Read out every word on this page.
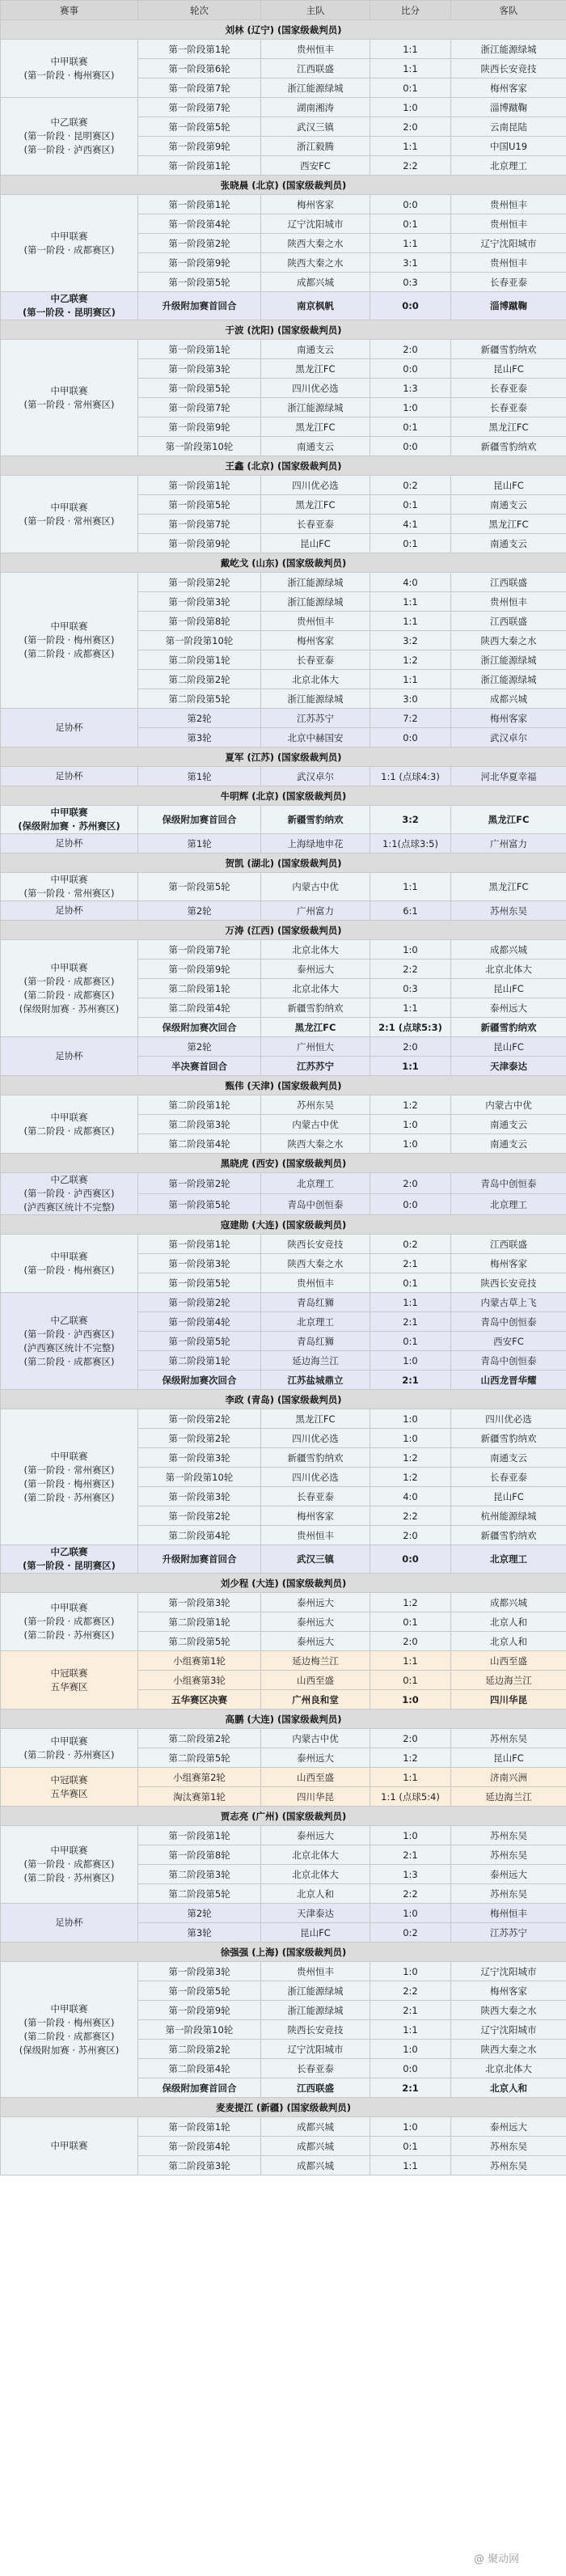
赛事	轮次	主队	比分	客队
刘林 (辽宁) (国家级裁判员)				

中甲联赛
(第一阶段 · 梅州赛区)	第一阶段第1轮	贵州恒丰	1:1	浙江能源绿城
	第一阶段第6轮	江西联盛	1:1	陕西长安竞技
	第一阶段第7轮	浙江能源绿城	0:1	梅州客家

中乙联赛
(第一阶段 · 昆明赛区)
(第一阶段 · 泸西赛区)	第一阶段第7轮	湖南湘涛	1:0	淄博蹴鞠
	第一阶段第5轮	武汉三镇	2:0	云南昆陆
	第一阶段第9轮	浙江毅腾	1:1	中国U19
	第一阶段第1轮	西安FC	2:2	北京理工
张晓晨 (北京) (国家级裁判员)				

中甲联赛
(第一阶段 · 成都赛区)	第一阶段第1轮	梅州客家	0:0	贵州恒丰
	第一阶段第4轮	辽宁沈阳城市	0:1	贵州恒丰
	第一阶段第2轮	陕西大秦之水	1:1	辽宁沈阳城市
	第一阶段第9轮	陕西大秦之水	3:1	贵州恒丰
	第一阶段第5轮	成都兴城	0:3	长春亚泰

中乙联赛
(第一阶段 · 昆明赛区)	升级附加赛首回合	南京枫帆	0:0	淄博蹴鞠
于波 (沈阳) (国家级裁判员)				

中甲联赛
(第一阶段 · 常州赛区)	第一阶段第1轮	南通支云	2:0	新疆雪豹纳欢
	第一阶段第3轮	黑龙江FC	0:0	昆山FC
	第一阶段第5轮	四川优必选	1:3	长春亚泰
	第一阶段第7轮	浙江能源绿城	1:0	长春亚泰
	第一阶段第9轮	黑龙江FC	0:1	黑龙江FC
	第一阶段第10轮	南通支云	0:0	新疆雪豹纳欢
王鑫 (北京) (国家级裁判员)				

中甲联赛
(第一阶段 · 常州赛区)	第一阶段第1轮	四川优必选	0:2	昆山FC
	第一阶段第5轮	黑龙江FC	0:1	南通支云
	第一阶段第7轮	长春亚泰	4:1	黑龙江FC
	第一阶段第9轮	昆山FC	0:1	南通支云
戴屹戈 (山东) (国家级裁判员)				

中甲联赛
(第一阶段 · 梅州赛区)
(第二阶段 · 成都赛区)	第一阶段第2轮	浙江能源绿城	4:0	江西联盛
	第一阶段第3轮	浙江能源绿城	1:1	贵州恒丰
	第一阶段第8轮	贵州恒丰	1:1	江西联盛
	第一阶段第10轮	梅州客家	3:2	陕西大秦之水
	第二阶段第1轮	长春亚泰	1:2	浙江能源绿城
	第二阶段第2轮	北京北体大	1:1	浙江能源绿城
	第二阶段第5轮	浙江能源绿城	3:0	成都兴城

足协杯	第2轮	江苏苏宁	7:2	梅州客家
	第3轮	北京中赫国安	0:0	武汉卓尔
夏军 (江苏) (国家级裁判员)				

足协杯	第1轮	武汉卓尔	1:1 (点球4:3)	河北华夏幸福
牛明辉 (北京) (国家级裁判员)				

中甲联赛
(保级附加赛 · 苏州赛区)	保级附加赛首回合	新疆雪豹纳欢	3:2	黑龙江FC

足协杯	第1轮	上海绿地申花	1:1(点球3:5)	广州富力
贺凯 (湖北) (国家级裁判员)				

中甲联赛
(第一阶段 · 常州赛区)	第一阶段第5轮	内蒙古中优	1:1	黑龙江FC

足协杯	第2轮	广州富力	6:1	苏州东吴
万涛 (江西) (国家级裁判员)				

中甲联赛
(第一阶段 · 成都赛区)
(第二阶段 · 成都赛区)
(保级附加赛 · 苏州赛区)	第一阶段第7轮	北京北体大	1:0	成都兴城
	第一阶段第9轮	泰州远大	2:2	北京北体大
	第二阶段第1轮	北京北体大	0:3	昆山FC
	第二阶段第4轮	新疆雪豹纳欢	1:1	泰州远大
	保级附加赛次回合	黑龙江FC	2:1 (点球5:3)	新疆雪豹纳欢

足协杯	第2轮	广州恒大	2:0	昆山FC
	半决赛首回合	江苏苏宁	1:1	天津泰达
甄伟 (天津) (国家级裁判员)				

中甲联赛
(第二阶段 · 成都赛区)	第二阶段第1轮	苏州东吴	1:2	内蒙古中优
	第二阶段第3轮	内蒙古中优	1:0	南通支云
	第二阶段第4轮	陕西大秦之水	1:0	南通支云
黑晓虎 (西安) (国家级裁判员)				

中乙联赛
(第一阶段 · 泸西赛区)
(泸西赛区统计不完整)	第一阶段第2轮	北京理工	2:0	青岛中创恒泰
	第一阶段第5轮	青岛中创恒泰	0:0	北京理工
寇建勋 (大连) (国家级裁判员)				

中甲联赛
(第一阶段 · 梅州赛区)	第一阶段第1轮	陕西长安竞技	0:2	江西联盛
	第一阶段第3轮	陕西大秦之水	2:1	梅州客家
	第一阶段第5轮	贵州恒丰	0:1	陕西长安竞技

中乙联赛
(第一阶段 · 泸西赛区)
(泸西赛区统计不完整)
(第二阶段 · 成都赛区)	第一阶段第2轮	青岛红狮	1:1	内蒙古草上飞
	第一阶段第4轮	北京理工	2:1	青岛中创恒泰
	第一阶段第5轮	青岛红狮	0:1	西安FC
	第二阶段第1轮	延边海兰江	1:0	青岛中创恒泰
	保级附加赛次回合	江苏盐城鼎立	2:1	山西龙晋华耀
李政 (青岛) (国家级裁判员)				

中甲联赛
(第一阶段 · 常州赛区)
(第一阶段 · 梅州赛区)
(第二阶段 · 苏州赛区)	第一阶段第2轮	黑龙江FC	1:0	四川优必选
	第一阶段第2轮	四川优必选	1:0	新疆雪豹纳欢
	第一阶段第3轮	新疆雪豹纳欢	1:2	南通支云
	第一阶段第10轮	四川优必选	1:2	长春亚泰
	第一阶段第3轮	长春亚泰	4:0	昆山FC
	第一阶段第2轮	梅州客家	2:2	杭州能源绿城
	第二阶段第4轮	贵州恒丰	2:0	新疆雪豹纳欢

中乙联赛
(第一阶段 · 昆明赛区)	升级附加赛首回合	武汉三镇	0:0	北京理工
刘少程 (大连) (国家级裁判员)				

中甲联赛
(第一阶段 · 成都赛区)
(第二阶段 · 苏州赛区)	第一阶段第3轮	泰州远大	1:2	成都兴城
	第二阶段第1轮	泰州远大	0:1	北京人和
	第二阶段第5轮	泰州远大	2:0	北京人和

中冠联赛
五华赛区	小组赛第1轮	延边梅兰江	1:1	山西至盛
	小组赛第3轮	山西至盛	0:1	延边海兰江
	五华赛区决赛	广州良和堂	1:0	四川华昆
高鹏 (大连) (国家级裁判员)				

中甲联赛
(第二阶段 · 苏州赛区)	第二阶段第2轮	内蒙古中优	2:0	苏州东吴
	第二阶段第5轮	泰州远大	1:2	昆山FC

中冠联赛
五华赛区	小组赛第2轮	山西至盛	1:1	济南兴洲
	淘汰赛第1轮	四川华昆	1:1 (点球5:4)	延边海兰江
贾志亮 (广州) (国家级裁判员)				

中甲联赛
(第一阶段 · 成都赛区)
(第二阶段 · 苏州赛区)	第一阶段第1轮	泰州远大	1:0	苏州东吴
	第一阶段第8轮	北京北体大	2:1	苏州东吴
	第二阶段第3轮	北京北体大	1:3	泰州远大
	第二阶段第5轮	北京人和	2:2	苏州东吴

足协杯	第2轮	天津泰达	1:0	梅州恒丰
	第3轮	昆山FC	0:2	江苏苏宁
徐强强 (上海) (国家级裁判员)				

中甲联赛
(第一阶段 · 梅州赛区)
(第二阶段 · 成都赛区)
(保级附加赛 · 苏州赛区)	第一阶段第3轮	贵州恒丰	1:0	辽宁沈阳城市
	第一阶段第5轮	浙江能源绿城	2:2	梅州客家
	第一阶段第9轮	浙江能源绿城	2:1	陕西大秦之水
	第一阶段第10轮	陕西长安竞技	1:1	辽宁沈阳城市
	第二阶段第2轮	辽宁沈阳城市	1:0	陕西大秦之水
	第二阶段第4轮	长春亚泰	0:0	北京北体大
	保级附加赛首回合	江西联盛	2:1	北京人和
麦麦提江 (新疆) (国家级裁判员)				

中甲联赛	第一阶段第1轮	成都兴城	1:0	泰州远大
	第一阶段第4轮	成都兴城	0:1	苏州东吴
	第二阶段第3轮	成都兴城	1:1	苏州东吴
@ 聚动网
